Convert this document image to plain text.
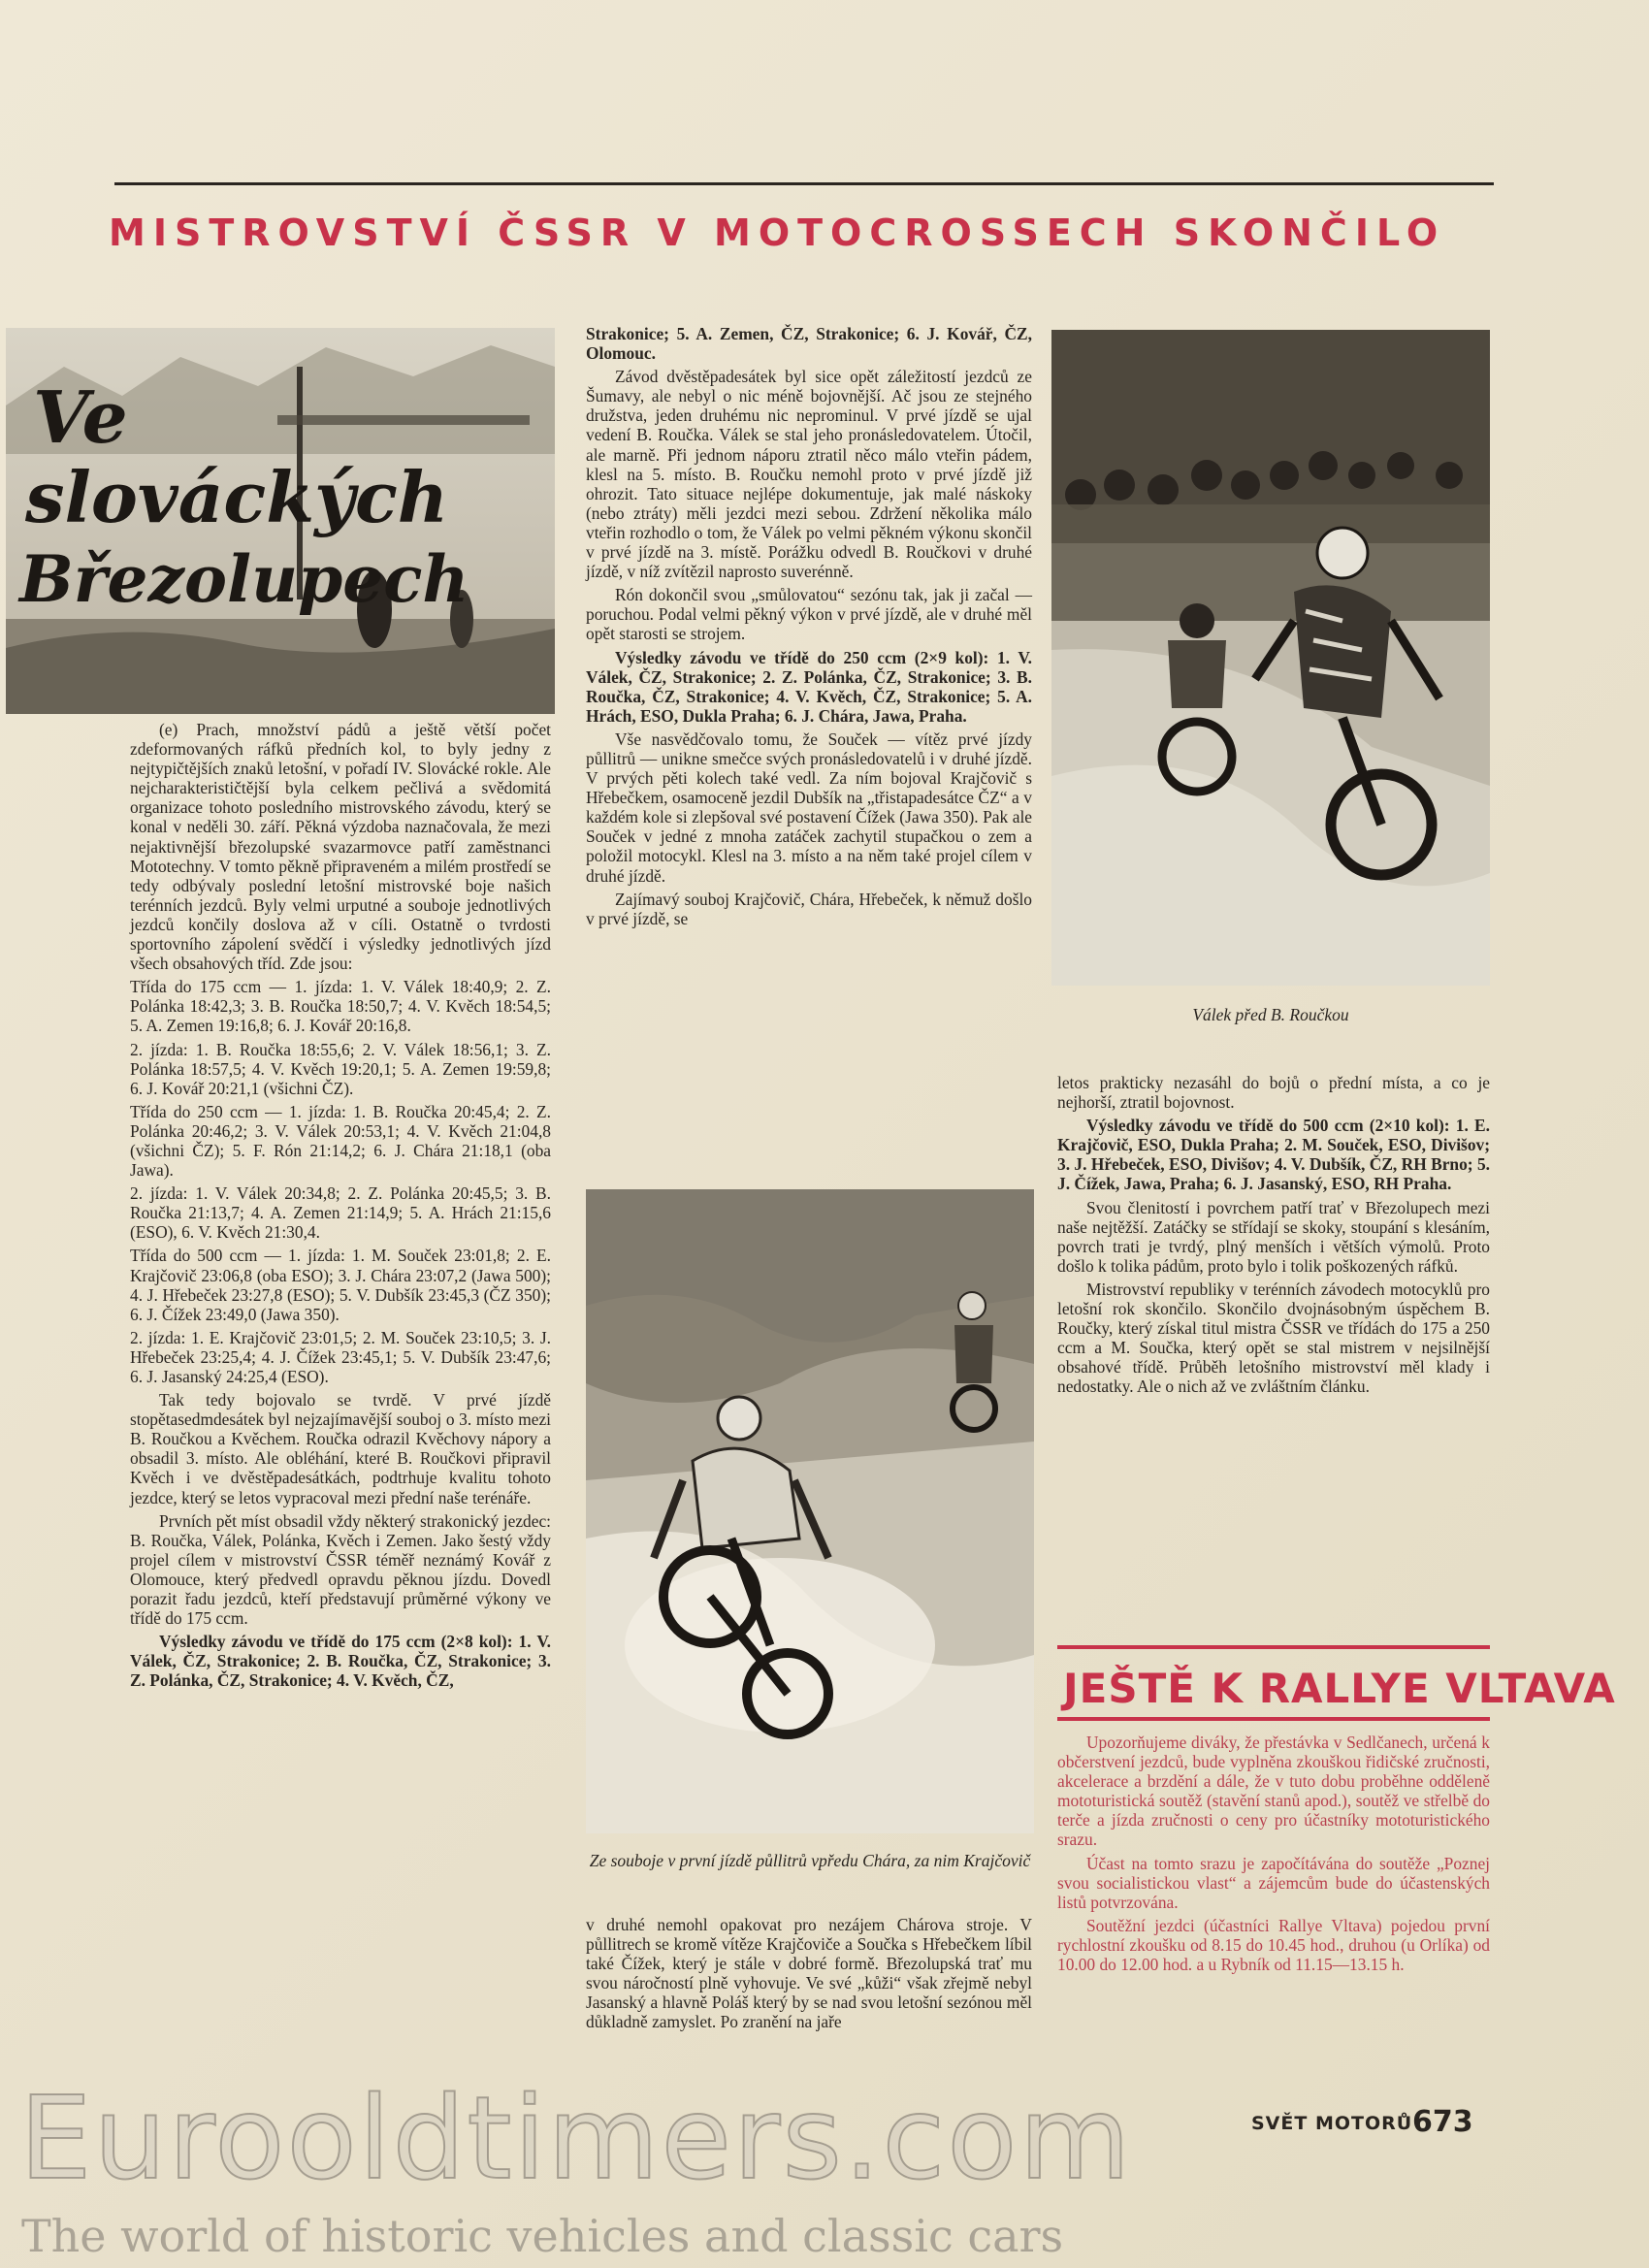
MISTROVSTVÍ ČSSR V MOTOCROSSECH SKONČILO
Ve
slováckých
Březolupech

(e) Prach, množství pádů a ještě větší počet zdeformovaných ráfků předních kol, to byly jedny z nejtypičtějších znaků letošní, v pořadí IV. Slovácké rokle. Ale nejcharakterističtější byla celkem pečlivá a svědomitá organizace tohoto posledního mistrovského závodu, který se konal v neděli 30. září. Pěkná výzdoba naznačovala, že mezi nejaktivnější březolupské svazarmovce patří zaměstnanci Mototechny. V tomto pěkně připraveném a milém prostředí se tedy odbývaly poslední letošní mistrovské boje našich terénních jezdců. Byly velmi urputné a souboje jednotlivých jezdců končily doslova až v cíli. Ostatně o tvrdosti sportovního zápolení svědčí i výsledky jednotlivých jízd všech obsahových tříd. Zde jsou:

Třída do 175 ccm — 1. jízda: 1. V. Válek 18:40,9; 2. Z. Polánka 18:42,3; 3. B. Roučka 18:50,7; 4. V. Kvěch 18:54,5; 5. A. Zemen 19:16,8; 6. J. Kovář 20:16,8.

2. jízda: 1. B. Roučka 18:55,6; 2. V. Válek 18:56,1; 3. Z. Polánka 18:57,5; 4. V. Kvěch 19:20,1; 5. A. Zemen 19:59,8; 6. J. Kovář 20:21,1 (všichni ČZ).

Třída do 250 ccm — 1. jízda: 1. B. Roučka 20:45,4; 2. Z. Polánka 20:46,2; 3. V. Válek 20:53,1; 4. V. Kvěch 21:04,8 (všichni ČZ); 5. F. Rón 21:14,2; 6. J. Chára 21:18,1 (oba Jawa).

2. jízda: 1. V. Válek 20:34,8; 2. Z. Polánka 20:45,5; 3. B. Roučka 21:13,7; 4. A. Zemen 21:14,9; 5. A. Hrách 21:15,6 (ESO), 6. V. Kvěch 21:30,4.

Třída do 500 ccm — 1. jízda: 1. M. Souček 23:01,8; 2. E. Krajčovič 23:06,8 (oba ESO); 3. J. Chára 23:07,2 (Jawa 500); 4. J. Hřebeček 23:27,8 (ESO); 5. V. Dubšík 23:45,3 (ČZ 350); 6. J. Čížek 23:49,0 (Jawa 350).

2. jízda: 1. E. Krajčovič 23:01,5; 2. M. Souček 23:10,5; 3. J. Hřebeček 23:25,4; 4. J. Čížek 23:45,1; 5. V. Dubšík 23:47,6; 6. J. Jasanský 24:25,4 (ESO).

Tak tedy bojovalo se tvrdě. V prvé jízdě stopětasedmdesátek byl nejzajímavější souboj o 3. místo mezi B. Roučkou a Kvěchem. Roučka odrazil Kvěchovy nápory a obsadil 3. místo. Ale obléhání, které B. Roučkovi připravil Kvěch i ve dvěstěpadesátkách, podtrhuje kvalitu tohoto jezdce, který se letos vypracoval mezi přední naše terénáře.

Prvních pět míst obsadil vždy některý strakonický jezdec: B. Roučka, Válek, Polánka, Kvěch i Zemen. Jako šestý vždy projel cílem v mistrovství ČSSR téměř neznámý Kovář z Olomouce, který předvedl opravdu pěknou jízdu. Dovedl porazit řadu jezdců, kteří představují průměrné výkony ve třídě do 175 ccm.

Výsledky závodu ve třídě do 175 ccm (2×8 kol): 1. V. Válek, ČZ, Strakonice; 2. B. Roučka, ČZ, Strakonice; 3. Z. Polánka, ČZ, Strakonice; 4. V. Kvěch, ČZ,

Strakonice; 5. A. Zemen, ČZ, Strakonice; 6. J. Kovář, ČZ, Olomouc.

Závod dvěstěpadesátek byl sice opět záležitostí jezdců ze Šumavy, ale nebyl o nic méně bojovnější. Ač jsou ze stejného družstva, jeden druhému nic neprominul. V prvé jízdě se ujal vedení B. Roučka. Válek se stal jeho pronásledovatelem. Útočil, ale marně. Při jednom náporu ztratil něco málo vteřin pádem, klesl na 5. místo. B. Roučku nemohl proto v prvé jízdě již ohrozit. Tato situace nejlépe dokumentuje, jak malé náskoky (nebo ztráty) měli jezdci mezi sebou. Zdržení několika málo vteřin rozhodlo o tom, že Válek po velmi pěkném výkonu skončil v prvé jízdě na 3. místě. Porážku odvedl B. Roučkovi v druhé jízdě, v níž zvítězil naprosto suverénně.

Rón dokončil svou „smůlovatou“ sezónu tak, jak ji začal — poruchou. Podal velmi pěkný výkon v prvé jízdě, ale v druhé měl opět starosti se strojem.

Výsledky závodu ve třídě do 250 ccm (2×9 kol): 1. V. Válek, ČZ, Strakonice; 2. Z. Polánka, ČZ, Strakonice; 3. B. Roučka, ČZ, Strakonice; 4. V. Kvěch, ČZ, Strakonice; 5. A. Hrách, ESO, Dukla Praha; 6. J. Chára, Jawa, Praha.

Vše nasvědčovalo tomu, že Souček — vítěz prvé jízdy půllitrů — unikne smečce svých pronásledovatelů i v druhé jízdě. V prvých pěti kolech také vedl. Za ním bojoval Krajčovič s Hřebečkem, osamoceně jezdil Dubšík na „třistapadesátce ČZ“ a v každém kole si zlepšoval své postavení Čížek (Jawa 350). Pak ale Souček v jedné z mnoha zatáček zachytil stupačkou o zem a položil motocykl. Klesl na 3. místo a na něm také projel cílem v druhé jízdě.

Zajímavý souboj Krajčovič, Chára, Hřebeček, k němuž došlo v prvé jízdě, se

Ze souboje v první jízdě půllitrů vpředu Chára, za nim Krajčovič

v druhé nemohl opakovat pro nezájem Chárova stroje. V půllitrech se kromě vítěze Krajčoviče a Součka s Hřebečkem líbil také Čížek, který je stále v dobré formě. Březolupská trať mu svou náročností plně vyhovuje. Ve své „kůži“ však zřejmě nebyl Jasanský a hlavně Poláš který by se nad svou letošní sezónou měl důkladně zamyslet. Po zranění na jaře

Válek před B. Roučkou

letos prakticky nezasáhl do bojů o přední místa, a co je nejhorší, ztratil bojovnost.

Výsledky závodu ve třídě do 500 ccm (2×10 kol): 1. E. Krajčovič, ESO, Dukla Praha; 2. M. Souček, ESO, Divišov; 3. J. Hřebeček, ESO, Divišov; 4. V. Dubšík, ČZ, RH Brno; 5. J. Čížek, Jawa, Praha; 6. J. Jasanský, ESO, RH Praha.

Svou členitostí i povrchem patří trať v Březolupech mezi naše nejtěžší. Zatáčky se střídají se skoky, stoupání s klesáním, povrch trati je tvrdý, plný menších i větších výmolů. Proto došlo k tolika pádům, proto bylo i tolik poškozených ráfků.

Mistrovství republiky v terénních závodech motocyklů pro letošní rok skončilo. Skončilo dvojnásobným úspěchem B. Roučky, který získal titul mistra ČSSR ve třídách do 175 a 250 ccm a M. Součka, který opět se stal mistrem v nejsilnější obsahové třídě. Průběh letošního mistrovství měl klady i nedostatky. Ale o nich až ve zvláštním článku.

JEŠTĚ K RALLYE VLTAVA

Upozorňujeme diváky, že přestávka v Sedlčanech, určená k občerstvení jezdců, bude vyplněna zkouškou řidičské zručnosti, akcelerace a brzdění a dále, že v tuto dobu proběhne odděleně mototuristická soutěž (stavění stanů apod.), soutěž ve střelbě do terče a jízda zručnosti o ceny pro účastníky mototuristického srazu.

Účast na tomto srazu je započítávána do soutěže „Poznej svou socialistickou vlast“ a zájemcům bude do účastenských listů potvrzována.

Soutěžní jezdci (účastníci Rallye Vltava) pojedou první rychlostní zkoušku od 8.15 do 10.45 hod., druhou (u Orlíka) od 10.00 do 12.00 hod. a u Rybník od 11.15—13.15 h.

SVĚT MOTORŮ 673
Eurooldtimers.com
The world of historic vehicles and classic cars
